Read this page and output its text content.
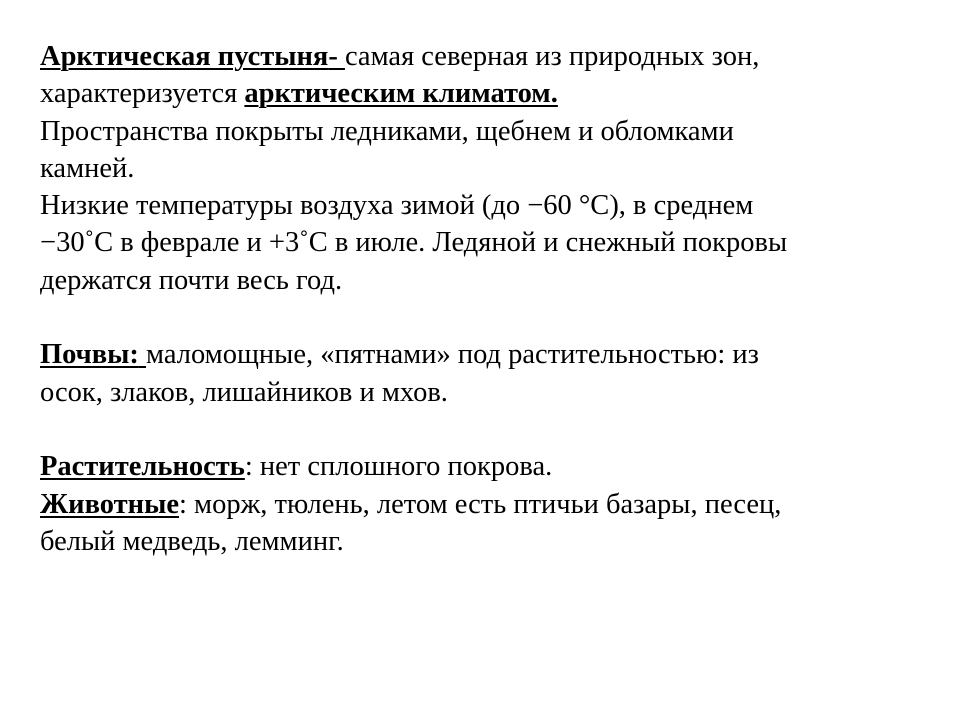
Арктическая пустыня- самая северная из природных зон,
характеризуется арктическим климатом.
Пространства покрыты ледниками, щебнем и обломками
камней.
Низкие температуры воздуха зимой (до −60 °C), в среднем
−30˚С в феврале и +3˚С в июле. Ледяной и снежный покровы
держатся почти весь год.
Почвы: маломощные, «пятнами» под растительностью: из
осок, злаков, лишайников и мхов.
Растительность: нет сплошного покрова.
Животные: морж, тюлень, летом есть птичьи базары, песец,
белый медведь, лемминг.
